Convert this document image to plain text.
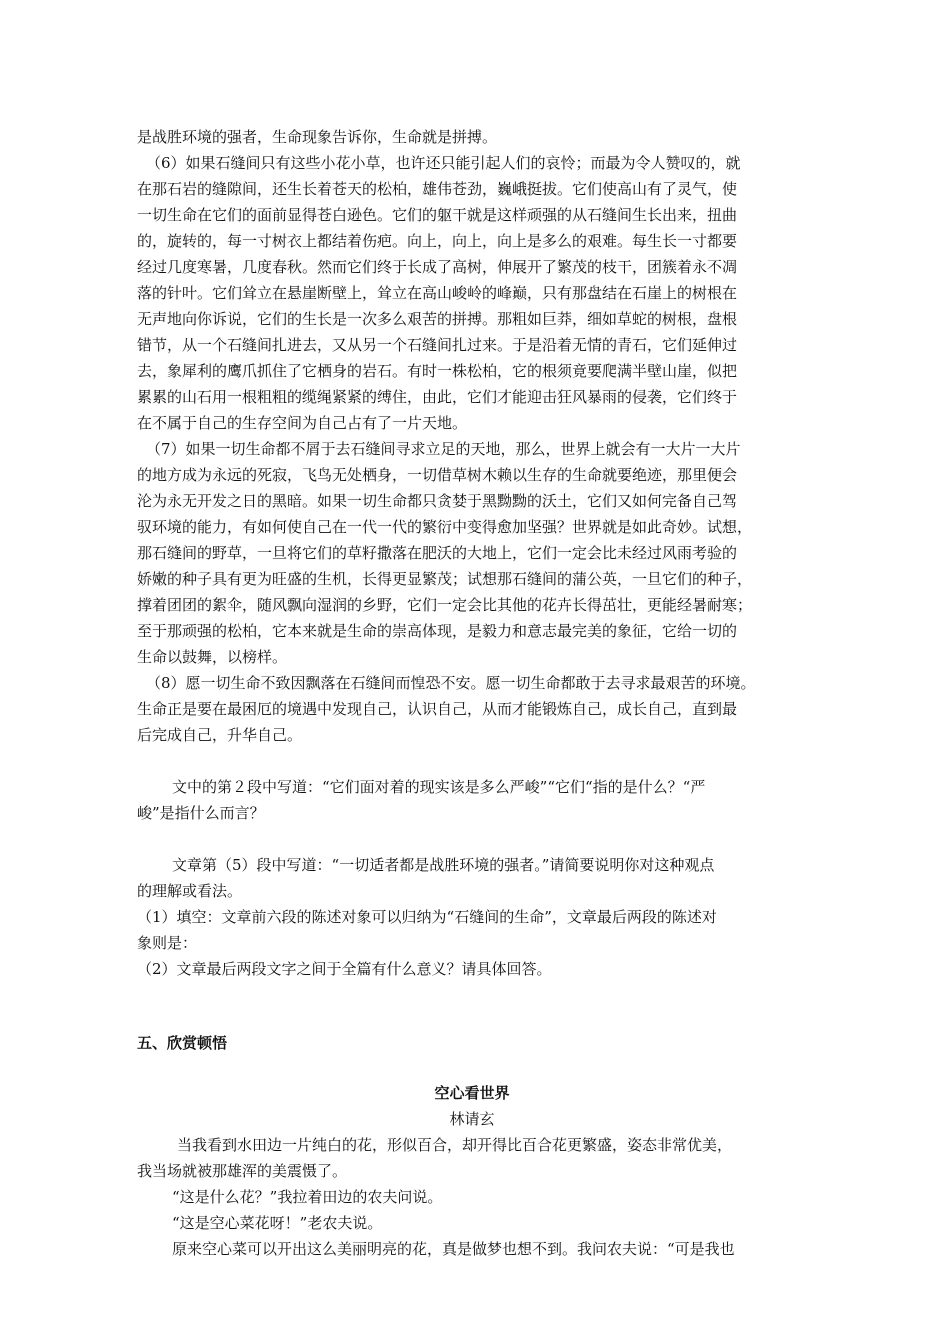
是战胜环境的强者，生命现象告诉你，生命就是拼搏。
（6）如果石缝间只有这些小花小草，也许还只能引起人们的哀怜；而最为令人赞叹的，就
在那石岩的缝隙间，还生长着苍天的松柏，雄伟苍劲，巍峨挺拔。它们使高山有了灵气，使
一切生命在它们的面前显得苍白逊色。它们的躯干就是这样顽强的从石缝间生长出来，扭曲
的，旋转的，每一寸树衣上都结着伤疤。向上，向上，向上是多么的艰难。每生长一寸都要
经过几度寒暑，几度春秋。然而它们终于长成了高树，伸展开了繁茂的枝干，团簇着永不凋
落的针叶。它们耸立在悬崖断壁上，耸立在高山峻岭的峰巅，只有那盘结在石崖上的树根在
无声地向你诉说，它们的生长是一次多么艰苦的拼搏。那粗如巨莽，细如草蛇的树根，盘根
错节，从一个石缝间扎进去，又从另一个石缝间扎过来。于是沿着无情的青石，它们延伸过
去，象犀利的鹰爪抓住了它栖身的岩石。有时一株松柏，它的根须竟要爬满半壁山崖，似把
累累的山石用一根粗粗的缆绳紧紧的缚住，由此，它们才能迎击狂风暴雨的侵袭，它们终于
在不属于自己的生存空间为自己占有了一片天地。
（7）如果一切生命都不屑于去石缝间寻求立足的天地，那么，世界上就会有一大片一大片
的地方成为永远的死寂，飞鸟无处栖身，一切借草树木赖以生存的生命就要绝迹，那里便会
沦为永无开发之日的黑暗。如果一切生命都只贪婪于黑黝黝的沃土，它们又如何完备自己驾
驭环境的能力，有如何使自己在一代一代的繁衍中变得愈加坚强？世界就是如此奇妙。试想，
那石缝间的野草，一旦将它们的草籽撒落在肥沃的大地上，它们一定会比未经过风雨考验的
娇嫩的种子具有更为旺盛的生机，长得更显繁茂；试想那石缝间的蒲公英，一旦它们的种子，
撑着团团的絮伞，随风飘向湿润的乡野，它们一定会比其他的花卉长得茁壮，更能经暑耐寒；
至于那顽强的松柏，它本来就是生命的崇高体现，是毅力和意志最完美的象征，它给一切的
生命以鼓舞，以榜样。
（8）愿一切生命不致因飘落在石缝间而惶恐不安。愿一切生命都敢于去寻求最艰苦的环境。
生命正是要在最困厄的境遇中发现自己，认识自己，从而才能锻炼自己，成长自己，直到最
后完成自己，升华自己。
文中的第２段中写道：“它们面对着的现实该是多么严峻”“它们“指的是什么？“严
峻”是指什么而言？
文章第（5）段中写道：“一切适者都是战胜环境的强者。”请简要说明你对这种观点
的理解或看法。
（1）填空：文章前六段的陈述对象可以归纳为“石缝间的生命”，文章最后两段的陈述对
象则是：
（2）文章最后两段文字之间于全篇有什么意义？请具体回答。
五、欣赏顿悟
空心看世界
林请玄
当我看到水田边一片纯白的花，形似百合，却开得比百合花更繁盛，姿态非常优美，
我当场就被那雄浑的美震慑了。
“这是什么花？”我拉着田边的农夫问说。
“这是空心菜花呀！”老农夫说。
原来空心菜可以开出这么美丽明亮的花，真是做梦也想不到。我问农夫说：“可是我也
